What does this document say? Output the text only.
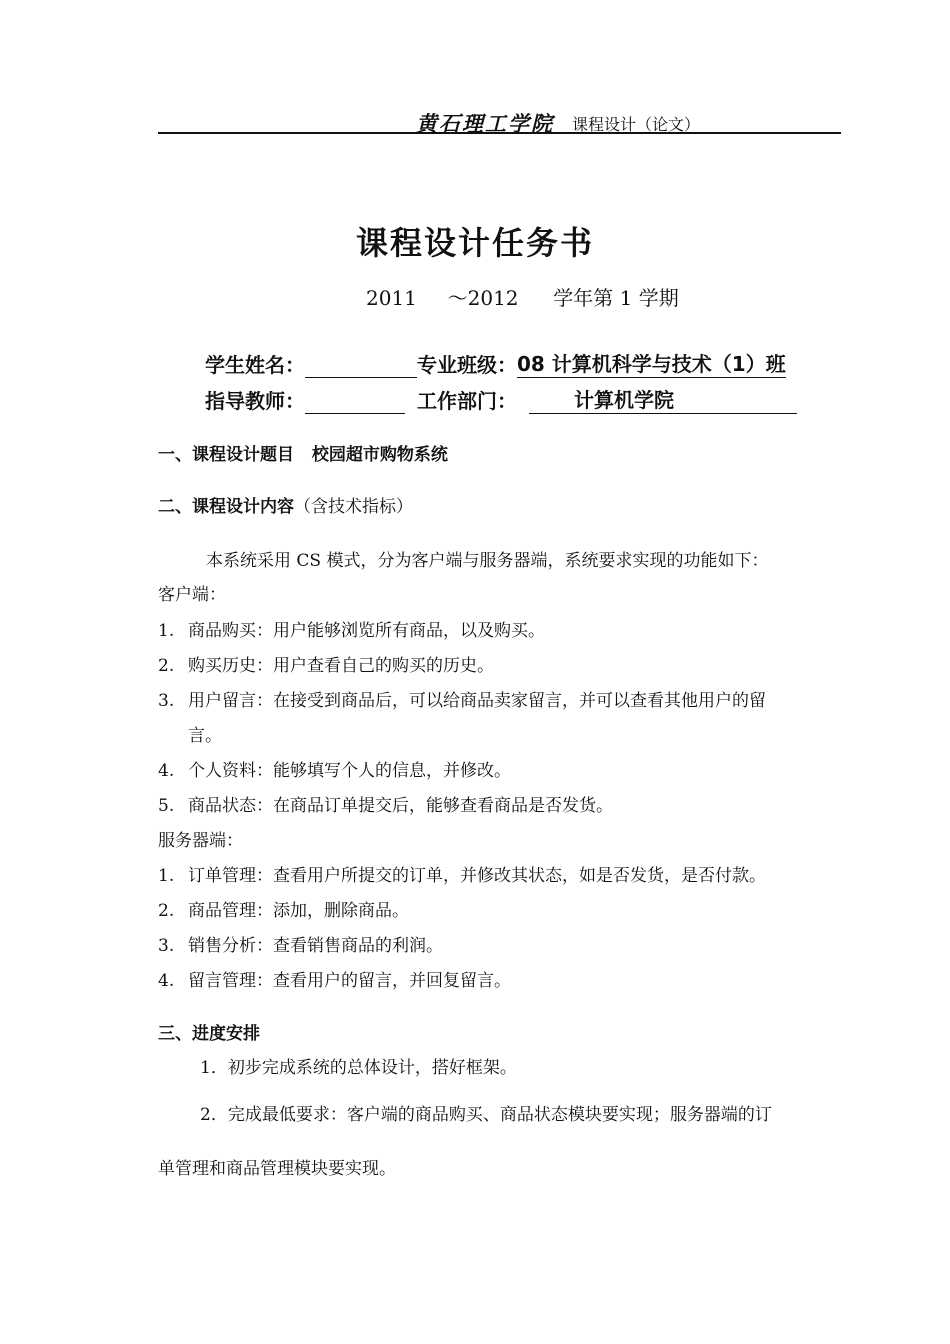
黄石理工学院 课程设计（论文）
课程设计任务书
2011 ～2012 学年第 1 学期
学生姓名：	专业班级：08 计算机科学与技术（1）班
指导教师：	工作部门：	计算机学院
一、课程设计题目 校园超市购物系统
二、课程设计内容（含技术指标）
本系统采用 CS 模式，分为客户端与服务器端，系统要求实现的功能如下：
客户端：
1. 商品购买：用户能够浏览所有商品，以及购买。
2. 购买历史：用户查看自己的购买的历史。
3. 用户留言：在接受到商品后，可以给商品卖家留言，并可以查看其他用户的留
言。
4. 个人资料：能够填写个人的信息，并修改。
5. 商品状态：在商品订单提交后，能够查看商品是否发货。
服务器端：
1. 订单管理：查看用户所提交的订单，并修改其状态，如是否发货，是否付款。
2. 商品管理：添加，删除商品。
3. 销售分析：查看销售商品的利润。
4. 留言管理：查看用户的留言，并回复留言。
三、进度安排
1．初步完成系统的总体设计，搭好框架。
2．完成最低要求：客户端的商品购买、商品状态模块要实现；服务器端的订
单管理和商品管理模块要实现。
